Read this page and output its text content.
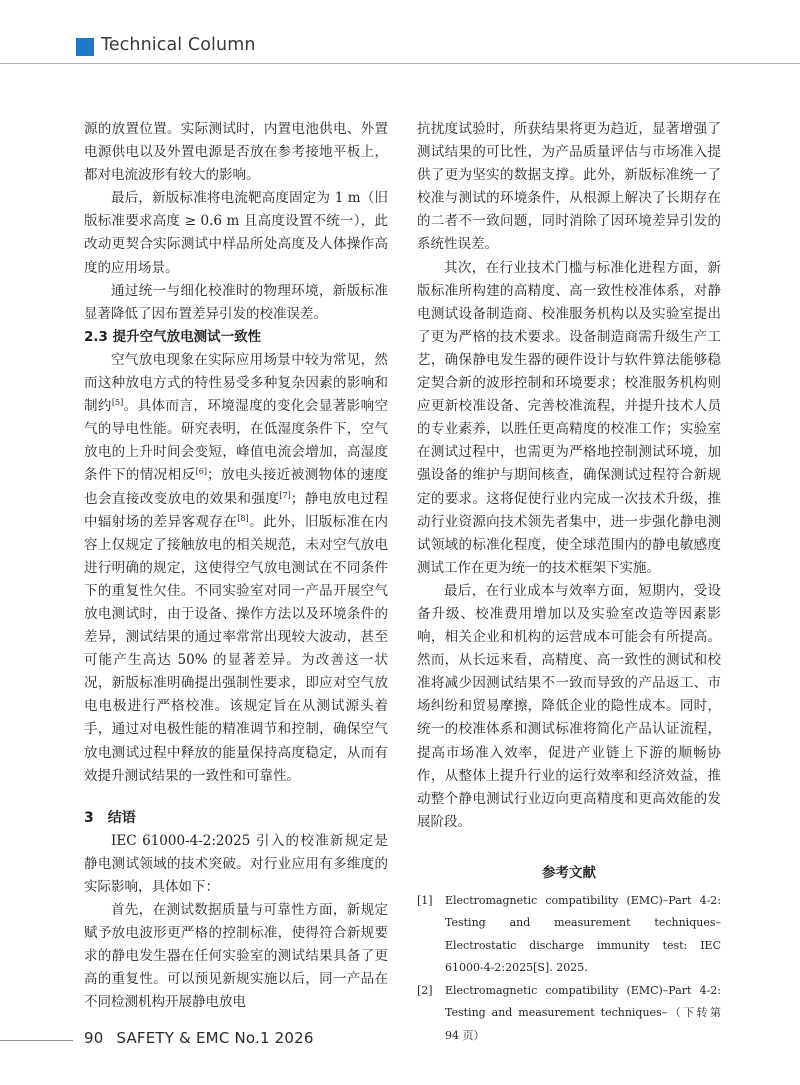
Technical Column

源的放置位置。实际测试时，内置电池供电、外置电源供电以及外置电源是否放在参考接地平板上，都对电流波形有较大的影响。

最后，新版标准将电流靶高度固定为 1 m（旧版标准要求高度 ≥ 0.6 m 且高度设置不统一），此改动更契合实际测试中样品所处高度及人体操作高度的应用场景。

通过统一与细化校准时的物理环境，新版标准显著降低了因布置差异引发的校准误差。

2.3 提升空气放电测试一致性

空气放电现象在实际应用场景中较为常见，然而这种放电方式的特性易受多种复杂因素的影响和制约[5]。具体而言，环境湿度的变化会显著影响空气的导电性能。研究表明，在低湿度条件下，空气放电的上升时间会变短，峰值电流会增加，高湿度条件下的情况相反[6]；放电头接近被测物体的速度也会直接改变放电的效果和强度[7]；静电放电过程中辐射场的差异客观存在[8]。此外，旧版标准在内容上仅规定了接触放电的相关规范，未对空气放电进行明确的规定，这使得空气放电测试在不同条件下的重复性欠佳。不同实验室对同一产品开展空气放电测试时，由于设备、操作方法以及环境条件的差异，测试结果的通过率常常出现较大波动，甚至可能产生高达 50% 的显著差异。为改善这一状况，新版标准明确提出强制性要求，即应对空气放电电极进行严格校准。该规定旨在从测试源头着手，通过对电极性能的精准调节和控制，确保空气放电测试过程中释放的能量保持高度稳定，从而有效提升测试结果的一致性和可靠性。

3 结语

IEC 61000-4-2:2025 引入的校准新规定是静电测试领域的技术突破。对行业应用有多维度的实际影响，具体如下：

首先，在测试数据质量与可靠性方面，新规定赋予放电波形更严格的控制标准，使得符合新规要求的静电发生器在任何实验室的测试结果具备了更高的重复性。可以预见新规实施以后，同一产品在不同检测机构开展静电放电

抗扰度试验时，所获结果将更为趋近，显著增强了测试结果的可比性，为产品质量评估与市场准入提供了更为坚实的数据支撑。此外，新版标准统一了校准与测试的环境条件，从根源上解决了长期存在的二者不一致问题，同时消除了因环境差异引发的系统性误差。

其次，在行业技术门槛与标准化进程方面，新版标准所构建的高精度、高一致性校准体系，对静电测试设备制造商、校准服务机构以及实验室提出了更为严格的技术要求。设备制造商需升级生产工艺，确保静电发生器的硬件设计与软件算法能够稳定契合新的波形控制和环境要求；校准服务机构则应更新校准设备、完善校准流程，并提升技术人员的专业素养，以胜任更高精度的校准工作；实验室在测试过程中，也需更为严格地控制测试环境，加强设备的维护与期间核查，确保测试过程符合新规定的要求。这将促使行业内完成一次技术升级，推动行业资源向技术领先者集中，进一步强化静电测试领域的标准化程度，使全球范围内的静电敏感度测试工作在更为统一的技术框架下实施。

最后，在行业成本与效率方面，短期内，受设备升级、校准费用增加以及实验室改造等因素影响，相关企业和机构的运营成本可能会有所提高。然而，从长远来看，高精度、高一致性的测试和校准将减少因测试结果不一致而导致的产品返工、市场纠纷和贸易摩擦，降低企业的隐性成本。同时，统一的校准体系和测试标准将简化产品认证流程，提高市场准入效率，促进产业链上下游的顺畅协作，从整体上提升行业的运行效率和经济效益，推动整个静电测试行业迈向更高精度和更高效能的发展阶段。

参考文献
[1] Electromagnetic compatibility (EMC)–Part 4-2: Testing and measurement techniques–Electrostatic discharge immunity test: IEC 61000-4-2:2025[S]. 2025.
[2] Electromagnetic compatibility (EMC)–Part 4-2: Testing and measurement techniques–（下转第 94 页）
90 SAFETY & EMC No.1 2026
